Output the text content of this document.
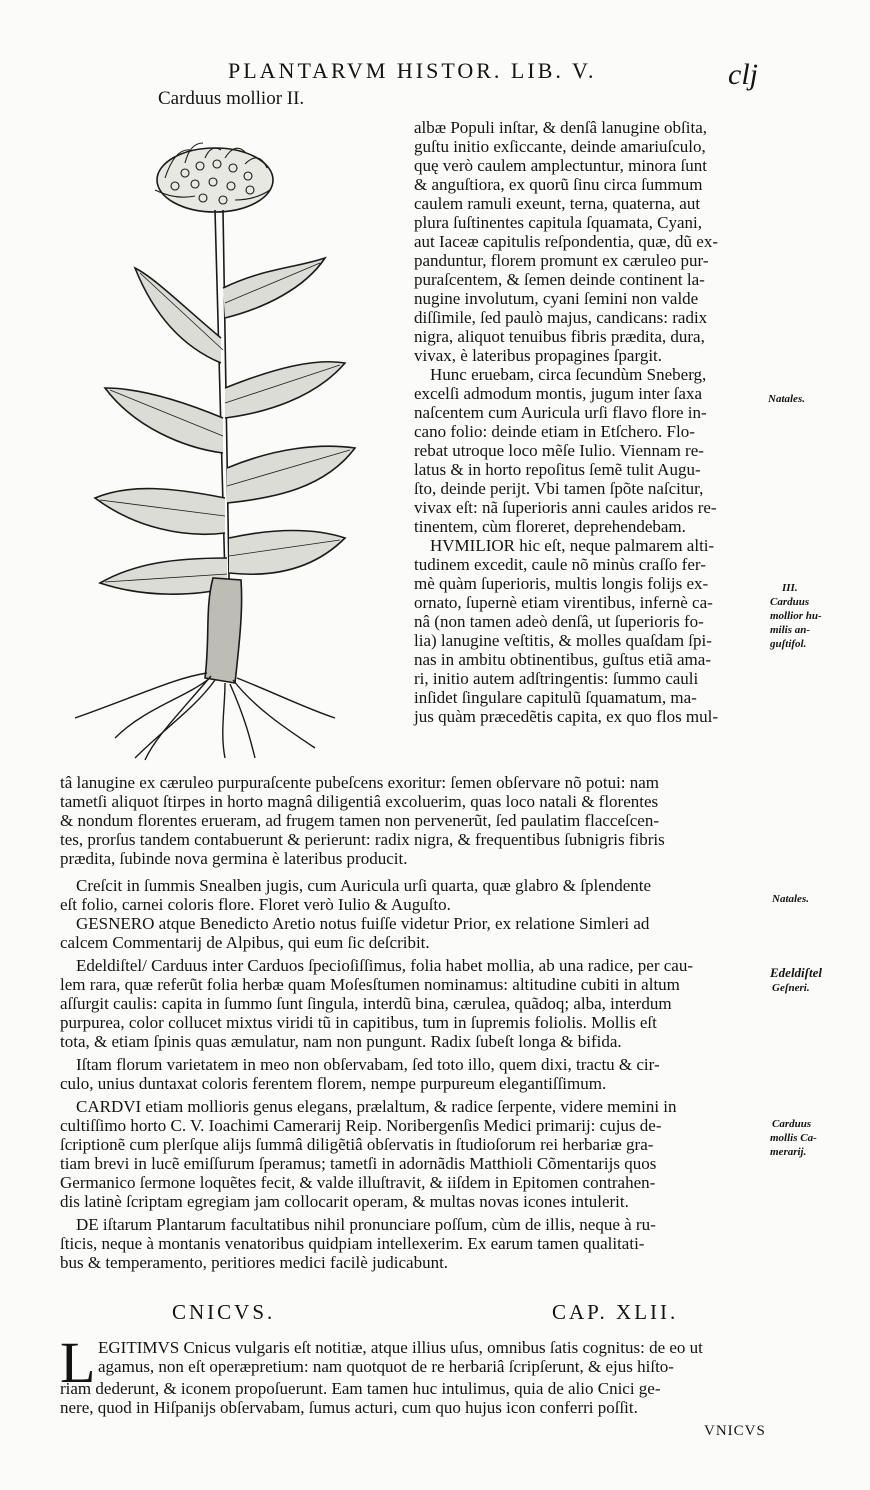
PLANTARVM HISTOR. LIB. V.	clj
Carduus mollior II.
albæ Populi inſtar, & denſâ lanugine obſita,
guſtu initio exſiccante, deinde amariuſculo,
quę verò caulem amplectuntur, minora ſunt
& anguſtiora, ex quorũ ſinu circa ſummum
caulem ramuli exeunt, terna, quaterna, aut
plura ſuſtinentes capitula ſquamata, Cyani,
aut Iaceæ capitulis reſpondentia, quæ, dũ ex-
panduntur, florem promunt ex cæruleo pur-
puraſcentem, & ſemen deinde continent la-
nugine involutum, cyani ſemini non valde
diſſimile, ſed paulò majus, candicans: radix
nigra, aliquot tenuibus fibris prædita, dura,
vivax, è lateribus propagines ſpargit.
Hunc eruebam, circa ſecundùm Sneberg,
excelſi admodum montis, jugum inter ſaxa
naſcentem cum Auricula urſi flavo flore in-
cano folio: deinde etiam in Etſchero. Flo-
rebat utroque loco mẽſe Iulio. Viennam re-
latus & in horto repoſitus ſemẽ tulit Augu-
ſto, deinde perijt. Vbi tamen ſpõte naſcitur,
vivax eſt: nã ſuperioris anni caules aridos re-
tinentem, cùm floreret, deprehendebam.
HVMILIOR hic eſt, neque palmarem alti-
tudinem excedit, caule nõ minùs craſſo fer-
mè quàm ſuperioris, multis longis folijs ex-
ornato, ſupernè etiam virentibus, infernè ca-
nâ (non tamen adeò denſâ, ut ſuperioris fo-
lia) lanugine veſtitis, & molles quaſdam ſpi-
nas in ambitu obtinentibus, guſtus etiã ama-
ri, initio autem adſtringentis: ſummo cauli
inſidet ſingulare capitulũ ſquamatum, ma-
jus quàm præcedẽtis capita, ex quo flos mul-
tâ lanugine ex cæruleo purpuraſcente pubeſcens exoritur: ſemen obſervare nõ potui: nam
tametſi aliquot ſtirpes in horto magnâ diligentiâ excoluerim, quas loco natali & florentes
& nondum florentes erueram, ad frugem tamen non pervenerũt, ſed paulatim flacceſcen-
tes, prorſus tandem contabuerunt & perierunt: radix nigra, & frequentibus ſubnigris fibris
prædita, ſubinde nova germina è lateribus producit.
Creſcit in ſummis Snealben jugis, cum Auricula urſi quarta, quæ glabro & ſplendente
eſt folio, carnei coloris flore. Floret verò Iulio & Auguſto.
GESNERO atque Benedicto Aretio notus fuiſſe videtur Prior, ex relatione Simleri ad
calcem Commentarij de Alpibus, qui eum ſic deſcribit.
Edeldiſtel/ Carduus inter Carduos ſpecioſiſſimus, folia habet mollia, ab una radice, per cau-
lem rara, quæ referũt folia herbæ quam Moſesſtumen nominamus: altitudine cubiti in altum
aſſurgit caulis: capita in ſummo ſunt ſingula, interdũ bina, cærulea, quãdoq; alba, interdum
purpurea, color collucet mixtus viridi tũ in capitibus, tum in ſupremis foliolis. Mollis eſt
tota, & etiam ſpinis quas æmulatur, nam non pungunt. Radix ſubeſt longa & bifida.
Iſtam florum varietatem in meo non obſervabam, ſed toto illo, quem dixi, tractu & cir-
culo, unius duntaxat coloris ferentem florem, nempe purpureum elegantiſſimum.
CARDVI etiam mollioris genus elegans, prælaltum, & radice ſerpente, videre memini in
cultiſſimo horto C. V. Ioachimi Camerarij Reip. Noribergenſis Medici primarij: cujus de-
ſcriptionẽ cum plerſque alijs ſummâ diligẽtiâ obſervatis in ſtudioſorum rei herbariæ gra-
tiam brevi in lucẽ emiſſurum ſperamus; tametſi in adornãdis Matthioli Cõmentarijs quos
Germanico ſermone loquẽtes fecit, & valde illuſtravit, & iiſdem in Epitomen contrahen-
dis latinè ſcriptam egregiam jam collocarit operam, & multas novas icones intulerit.
DE iſtarum Plantarum facultatibus nihil pronunciare poſſum, cùm de illis, neque à ru-
ſticis, neque à montanis venatoribus quidpiam intellexerim. Ex earum tamen qualitati-
bus & temperamento, peritiores medici facilè judicabunt.
Natales.
III.
Carduus
mollior hu-
milis an-
guſtifol.
Natales.
Edeldiſtel
Geſneri.
Carduus
mollis Ca-
merarij.
CNICVS.	CAP. XLII.
L EGITIMVS Cnicus vulgaris eſt notitiæ, atque illius uſus, omnibus ſatis cognitus: de eo ut
agamus, non eſt operæpretium: nam quotquot de re herbariâ ſcripſerunt, & ejus hiſto-
riam dederunt, & iconem propoſuerunt. Eam tamen huc intulimus, quia de alio Cnici ge-
nere, quod in Hiſpanijs obſervabam, ſumus acturi, cum quo hujus icon conferri poſſit.
VNICVS
